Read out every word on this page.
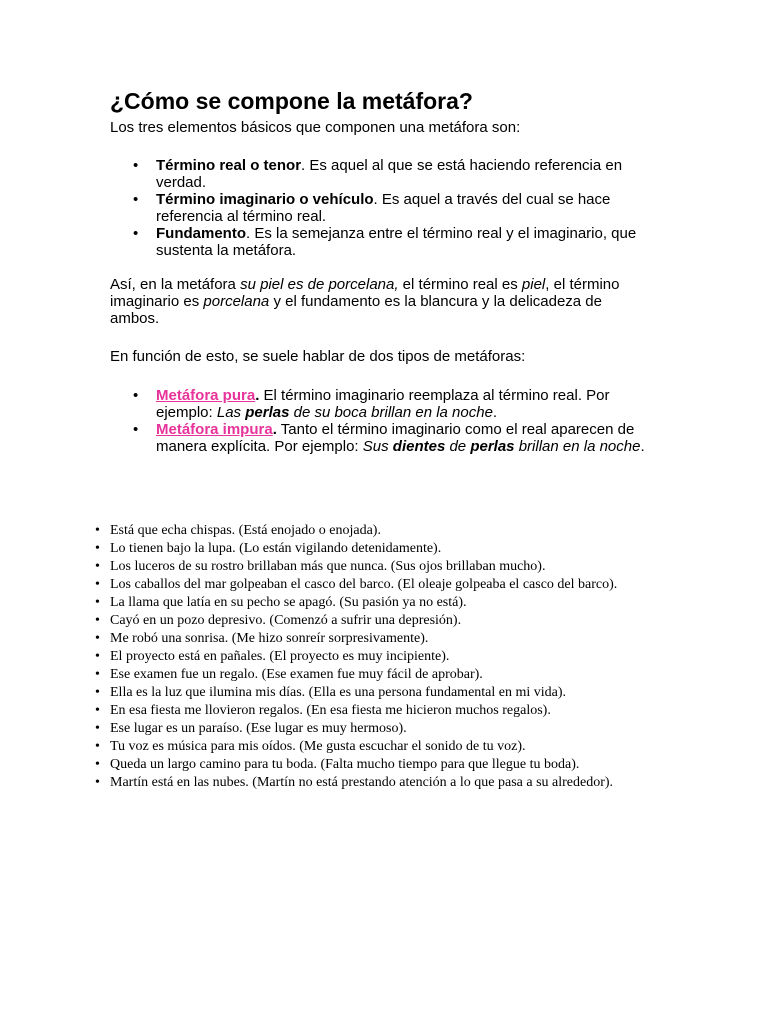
¿Cómo se compone la metáfora?

Los tres elementos básicos que componen una metáfora son:

• Término real o tenor. Es aquel al que se está haciendo referencia en verdad.
• Término imaginario o vehículo. Es aquel a través del cual se hace referencia al término real.
• Fundamento. Es la semejanza entre el término real y el imaginario, que sustenta la metáfora.

Así, en la metáfora su piel es de porcelana, el término real es piel, el término imaginario es porcelana y el fundamento es la blancura y la delicadeza de ambos.

En función de esto, se suele hablar de dos tipos de metáforas:

• Metáfora pura. El término imaginario reemplaza al término real. Por ejemplo: Las perlas de su boca brillan en la noche.
• Metáfora impura. Tanto el término imaginario como el real aparecen de manera explícita. Por ejemplo: Sus dientes de perlas brillan en la noche.
• Está que echa chispas. (Está enojado o enojada).
• Lo tienen bajo la lupa. (Lo están vigilando detenidamente).
• Los luceros de su rostro brillaban más que nunca. (Sus ojos brillaban mucho).
• Los caballos del mar golpeaban el casco del barco. (El oleaje golpeaba el casco del barco).
• La llama que latía en su pecho se apagó. (Su pasión ya no está).
• Cayó en un pozo depresivo. (Comenzó a sufrir una depresión).
• Me robó una sonrisa. (Me hizo sonreír sorpresivamente).
• El proyecto está en pañales. (El proyecto es muy incipiente).
• Ese examen fue un regalo. (Ese examen fue muy fácil de aprobar).
• Ella es la luz que ilumina mis días. (Ella es una persona fundamental en mi vida).
• En esa fiesta me llovieron regalos. (En esa fiesta me hicieron muchos regalos).
• Ese lugar es un paraíso. (Ese lugar es muy hermoso).
• Tu voz es música para mis oídos. (Me gusta escuchar el sonido de tu voz).
• Queda un largo camino para tu boda. (Falta mucho tiempo para que llegue tu boda).
• Martín está en las nubes. (Martín no está prestando atención a lo que pasa a su alrededor).
